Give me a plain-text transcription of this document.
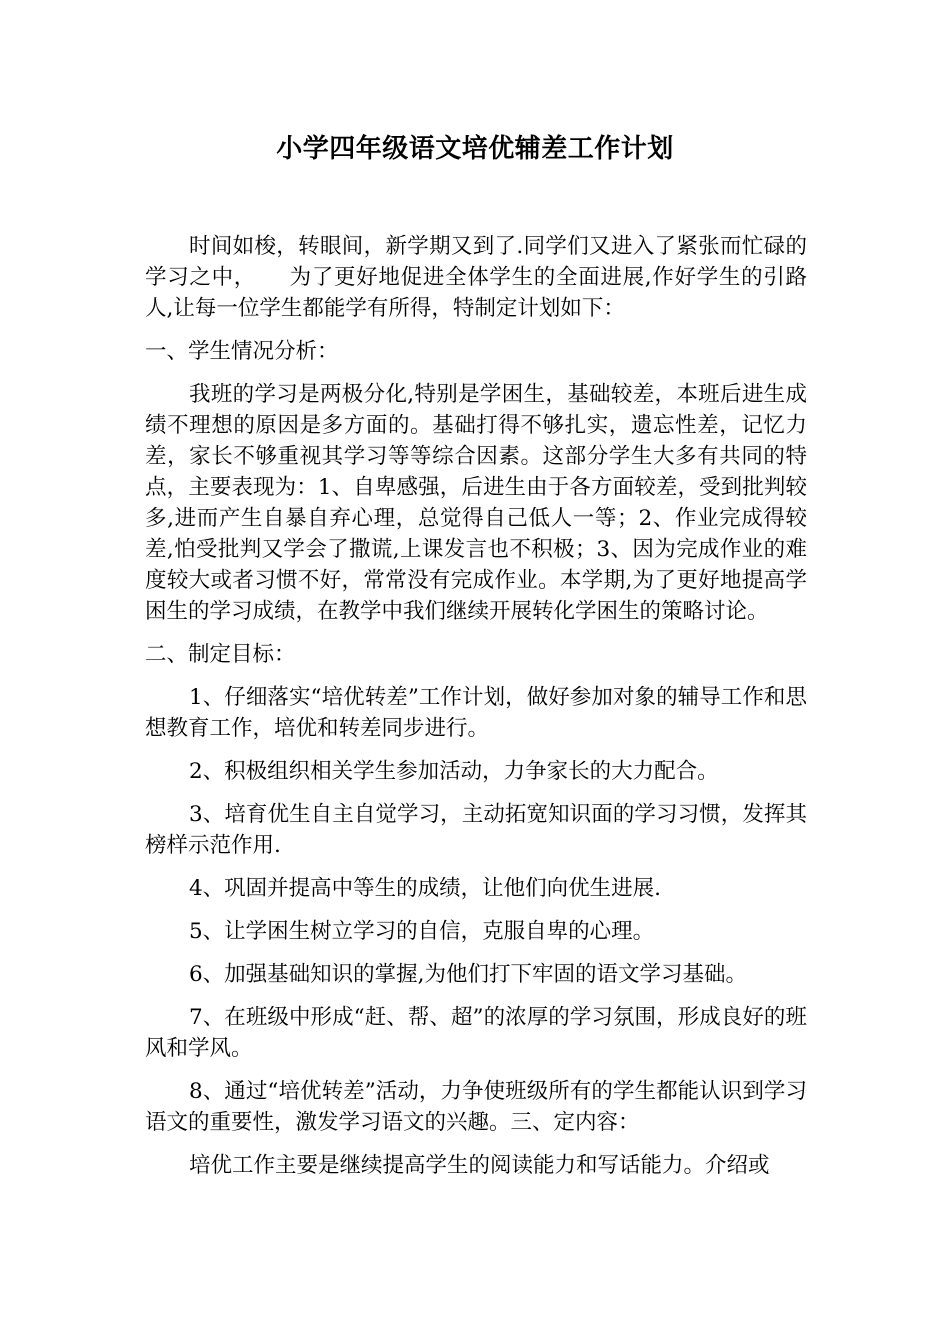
小学四年级语文培优辅差工作计划

时间如梭，转眼间，新学期又到了.同学们又进入了紧张而忙碌的学习之中，　　为了更好地促进全体学生的全面进展,作好学生的引路人,让每一位学生都能学有所得，特制定计划如下：

一、学生情况分析：

我班的学习是两极分化,特别是学困生，基础较差，本班后进生成绩不理想的原因是多方面的。基础打得不够扎实，遗忘性差，记忆力差，家长不够重视其学习等等综合因素。这部分学生大多有共同的特点，主要表现为：1、自卑感强，后进生由于各方面较差，受到批判较多,进而产生自暴自弃心理，总觉得自己低人一等；2、作业完成得较差,怕受批判又学会了撒谎,上课发言也不积极；3、因为完成作业的难度较大或者习惯不好，常常没有完成作业。本学期,为了更好地提高学困生的学习成绩，在教学中我们继续开展转化学困生的策略讨论。

二、制定目标：

1、仔细落实“培优转差”工作计划，做好参加对象的辅导工作和思想教育工作，培优和转差同步进行。

2、积极组织相关学生参加活动，力争家长的大力配合。

3、培育优生自主自觉学习，主动拓宽知识面的学习习惯，发挥其榜样示范作用.

4、巩固并提高中等生的成绩，让他们向优生进展.

5、让学困生树立学习的自信，克服自卑的心理。

6、加强基础知识的掌握,为他们打下牢固的语文学习基础。

7、在班级中形成“赶、帮、超”的浓厚的学习氛围，形成良好的班风和学风。

8、通过“培优转差”活动，力争使班级所有的学生都能认识到学习语文的重要性，激发学习语文的兴趣。三、定内容：

培优工作主要是继续提高学生的阅读能力和写话能力。介绍或
